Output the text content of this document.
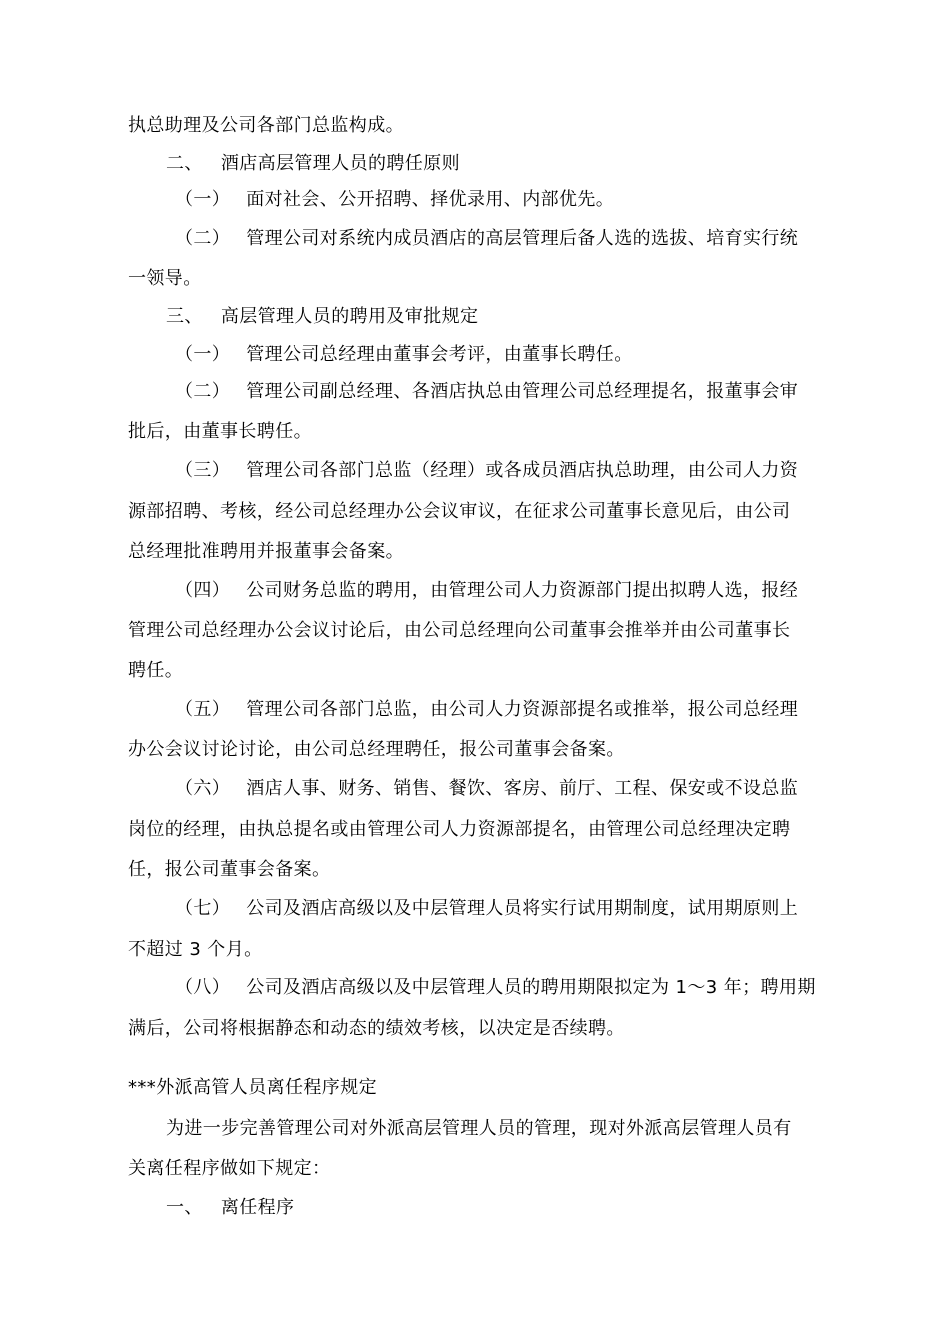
执总助理及公司各部门总监构成。
二、 酒店高层管理人员的聘任原则
（一） 面对社会、公开招聘、择优录用、内部优先。
（二） 管理公司对系统内成员酒店的高层管理后备人选的选拔、培育实行统
一领导。
三、 高层管理人员的聘用及审批规定
（一） 管理公司总经理由董事会考评，由董事长聘任。
（二） 管理公司副总经理、各酒店执总由管理公司总经理提名，报董事会审
批后，由董事长聘任。
（三） 管理公司各部门总监（经理）或各成员酒店执总助理，由公司人力资
源部招聘、考核，经公司总经理办公会议审议，在征求公司董事长意见后，由公司
总经理批准聘用并报董事会备案。
（四） 公司财务总监的聘用，由管理公司人力资源部门提出拟聘人选，报经
管理公司总经理办公会议讨论后，由公司总经理向公司董事会推举并由公司董事长
聘任。
（五） 管理公司各部门总监，由公司人力资源部提名或推举，报公司总经理
办公会议讨论讨论，由公司总经理聘任，报公司董事会备案。
（六） 酒店人事、财务、销售、餐饮、客房、前厅、工程、保安或不设总监
岗位的经理，由执总提名或由管理公司人力资源部提名，由管理公司总经理决定聘
任，报公司董事会备案。
（七） 公司及酒店高级以及中层管理人员将实行试用期制度，试用期原则上
不超过 3 个月。
（八） 公司及酒店高级以及中层管理人员的聘用期限拟定为 1～3 年；聘用期
满后，公司将根据静态和动态的绩效考核，以决定是否续聘。
***外派高管人员离任程序规定
为进一步完善管理公司对外派高层管理人员的管理，现对外派高层管理人员有
关离任程序做如下规定：
一、 离任程序
